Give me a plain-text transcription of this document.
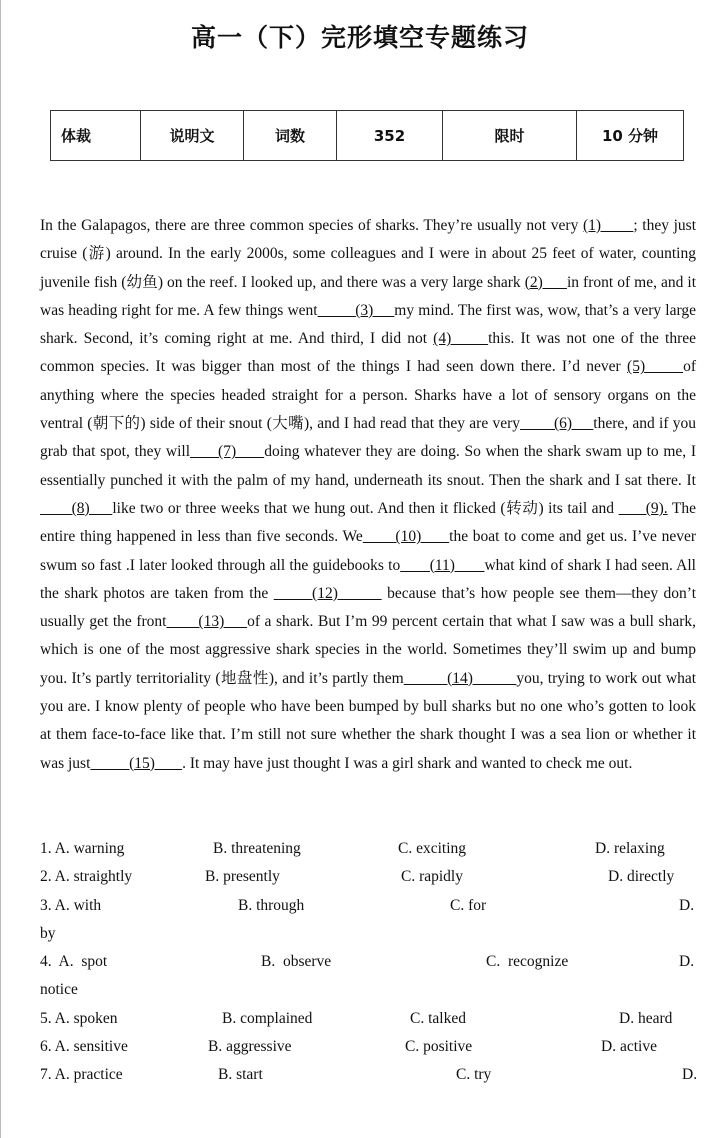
高一（下）完形填空专题练习
体裁	说明文	词数	352	限时	10 分钟
In the Galapagos, there are three common species of sharks. They’re usually not very (1)       ; they just cruise (游) around. In the early 2000s, some colleagues and I were in about 25 feet of water, counting juvenile fish (幼鱼) on the reef. I looked up, and there was a very large shark (2)      in front of me, and it was heading right for me. A few things went         (3)     my mind. The first was, wow, that’s a very large shark. Second, it’s coming right at me. And third, I did not (4)      this. It was not one of the three common species. It was bigger than most of the things I had seen down there. I’d never (5)      of anything where the species headed straight for a person. Sharks have a lot of sensory organs on the ventral (朝下的) side of their snout (大嘴), and I had read that they are very        (6)     there, and if you grab that spot, they will      (7)      doing whatever they are doing. So when the shark swam up to me, I essentially punched it with the palm of my hand, underneath its snout. Then the shark and I sat there. It       (8)     like two or three weeks that we hung out. And then it flicked (转动) its tail and       (9). The entire thing happened in less than five seconds. We       (10)      the boat to come and get us. I’ve never swum so fast .I later looked through all the guidebooks to       (11)       what kind of shark I had seen. All the shark photos are taken from the        (12)         because that’s how people see them—they don’t usually get the front       (13)     of a shark. But I’m 99 percent certain that what I saw was a bull shark, which is one of the most aggressive shark species in the world. Sometimes they’ll swim up and bump you. It’s partly territoriality (地盘性), and it’s partly them          (14)          you, trying to work out what you are. I know plenty of people who have been bumped by bull sharks but no one who’s gotten to look at them face-to-face like that. I’m still not sure whether the shark thought I was a sea lion or whether it was just          (15)       . It may have just thought I was a girl shark and wanted to check me out.
1. A. warning	B. threatening	C. exciting	D. relaxing
2. A. straightly	B. presently	C. rapidly	D. directly
3. A. with	B. through	C. for	D.
by
4.  A.  spot	B.  observe	C.  recognize	D.
notice
5. A. spoken	B. complained	C. talked	D. heard
6. A. sensitive	B. aggressive	C. positive	D. active
7. A. practice	B. start	C. try	D.
